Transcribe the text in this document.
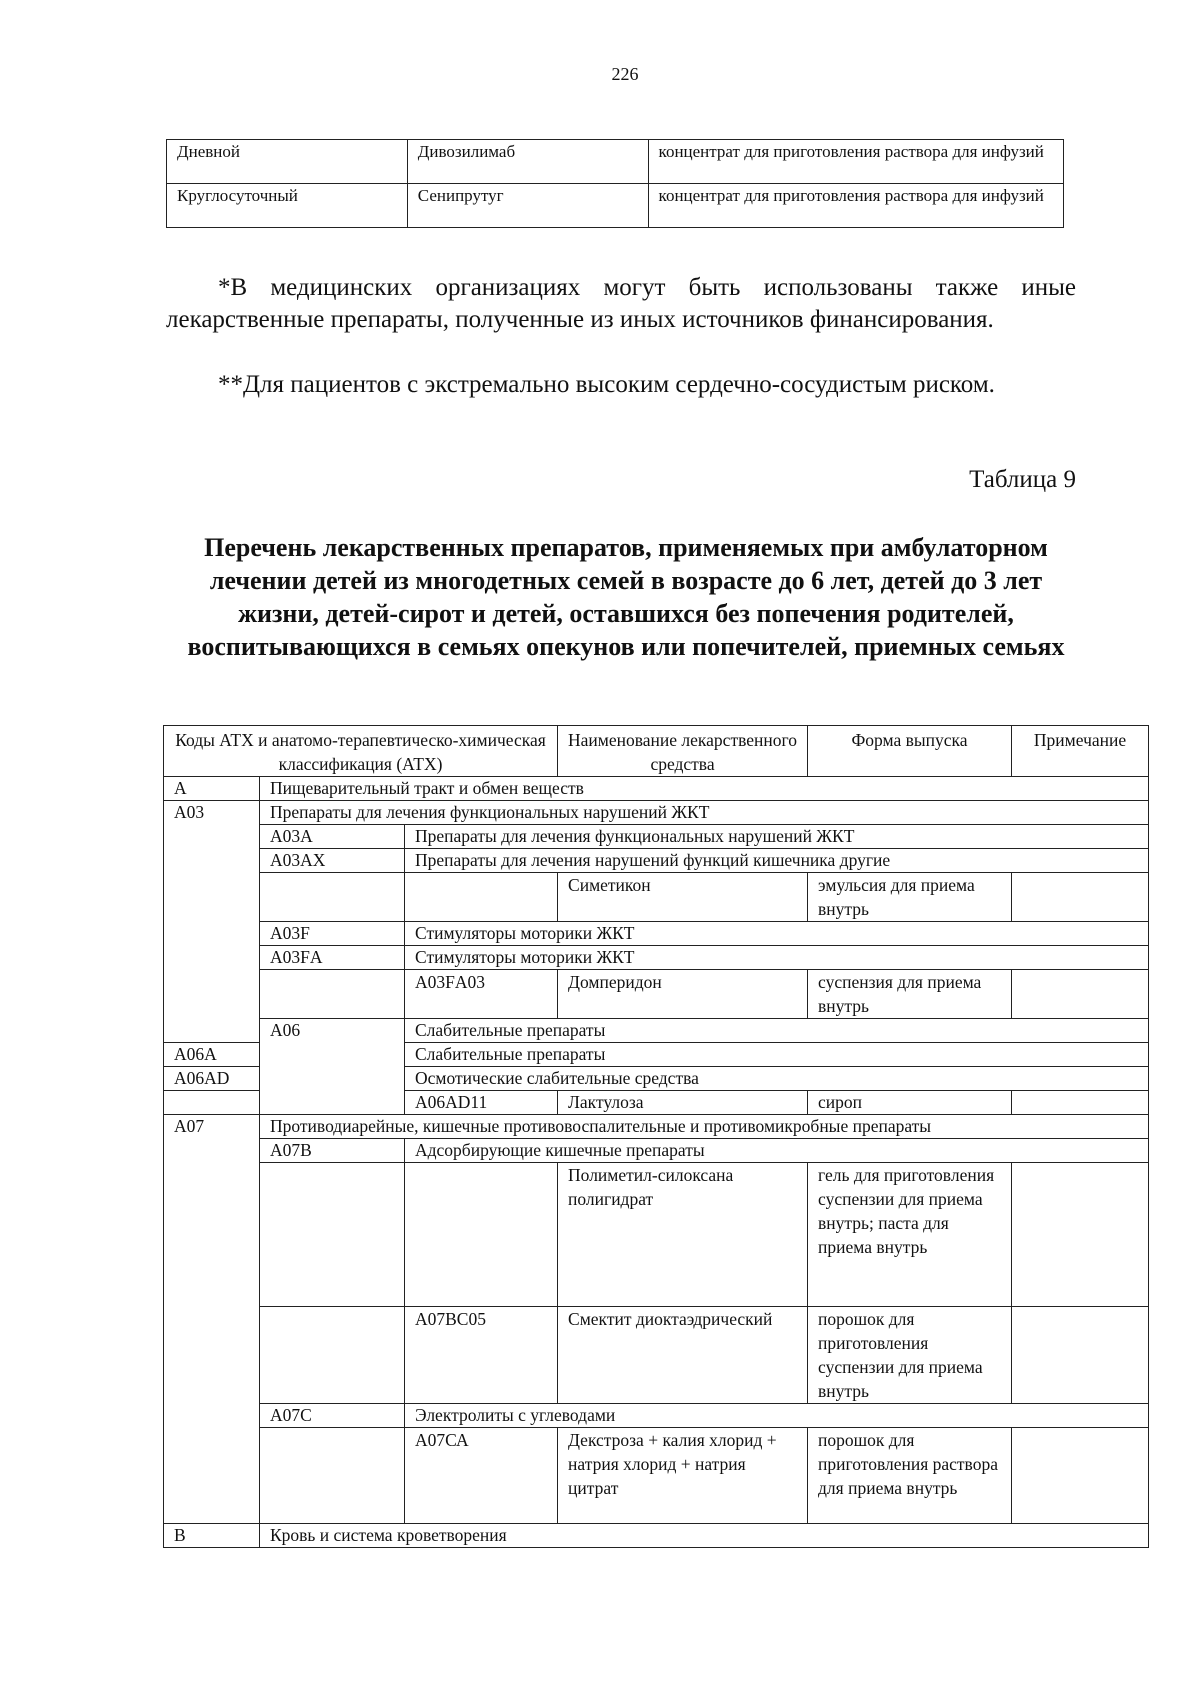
226
Дневной	Дивозилимаб	концентрат для приготовления раствора для инфузий
Круглосуточный	Сенипрутуг	концентрат для приготовления раствора для инфузий
*В медицинских организациях могут быть использованы также иные лекарственные препараты, полученные из иных источников финансирования.
**Для пациентов с экстремально высоким сердечно-сосудистым риском.
Таблица 9
Перечень лекарственных препаратов, применяемых при амбулаторном лечении детей из многодетных семей в возрасте до 6 лет, детей до 3 лет жизни, детей-сирот и детей, оставшихся без попечения родителей, воспитывающихся в семьях опекунов или попечителей, приемных семьях
Коды АТХ и анатомо-терапевтическо-химическая классификация (АТХ)			Наименование лекарственного средства	Форма выпуска	Примечание
А	Пищеварительный тракт и обмен веществ				
А03	Препараты для лечения функциональных нарушений ЖКТ				
	А03А	Препараты для лечения функциональных нарушений ЖКТ			
	А03АХ	Препараты для лечения нарушений функций кишечника другие			
			Симетикон	эмульсия для приема внутрь	
	А03F	Стимуляторы моторики ЖКТ			
	А03FА	Стимуляторы моторики ЖКТ			
		А03FА03	Домперидон	суспензия для приема внутрь	
	А06	Слабительные препараты			
А06А		Слабительные препараты			
А06АD		Осмотические слабительные средства			
		А06АD11	Лактулоза	сироп	
А07	Противодиарейные, кишечные противовоспалительные и противомикробные препараты				
	А07В	Адсорбирующие кишечные препараты			
			Полиметил-силоксана полигидрат	гель для приготовления суспензии для приема внутрь; паста для приема внутрь	
		А07ВС05	Смектит диоктаэдрический	порошок для приготовления суспензии для приема внутрь	
	А07С	Электролиты с углеводами			
		А07СА	Декстроза + калия хлорид + натрия хлорид + натрия цитрат	порошок для приготовления раствора для приема внутрь	
В	Кровь и система кроветворения				
